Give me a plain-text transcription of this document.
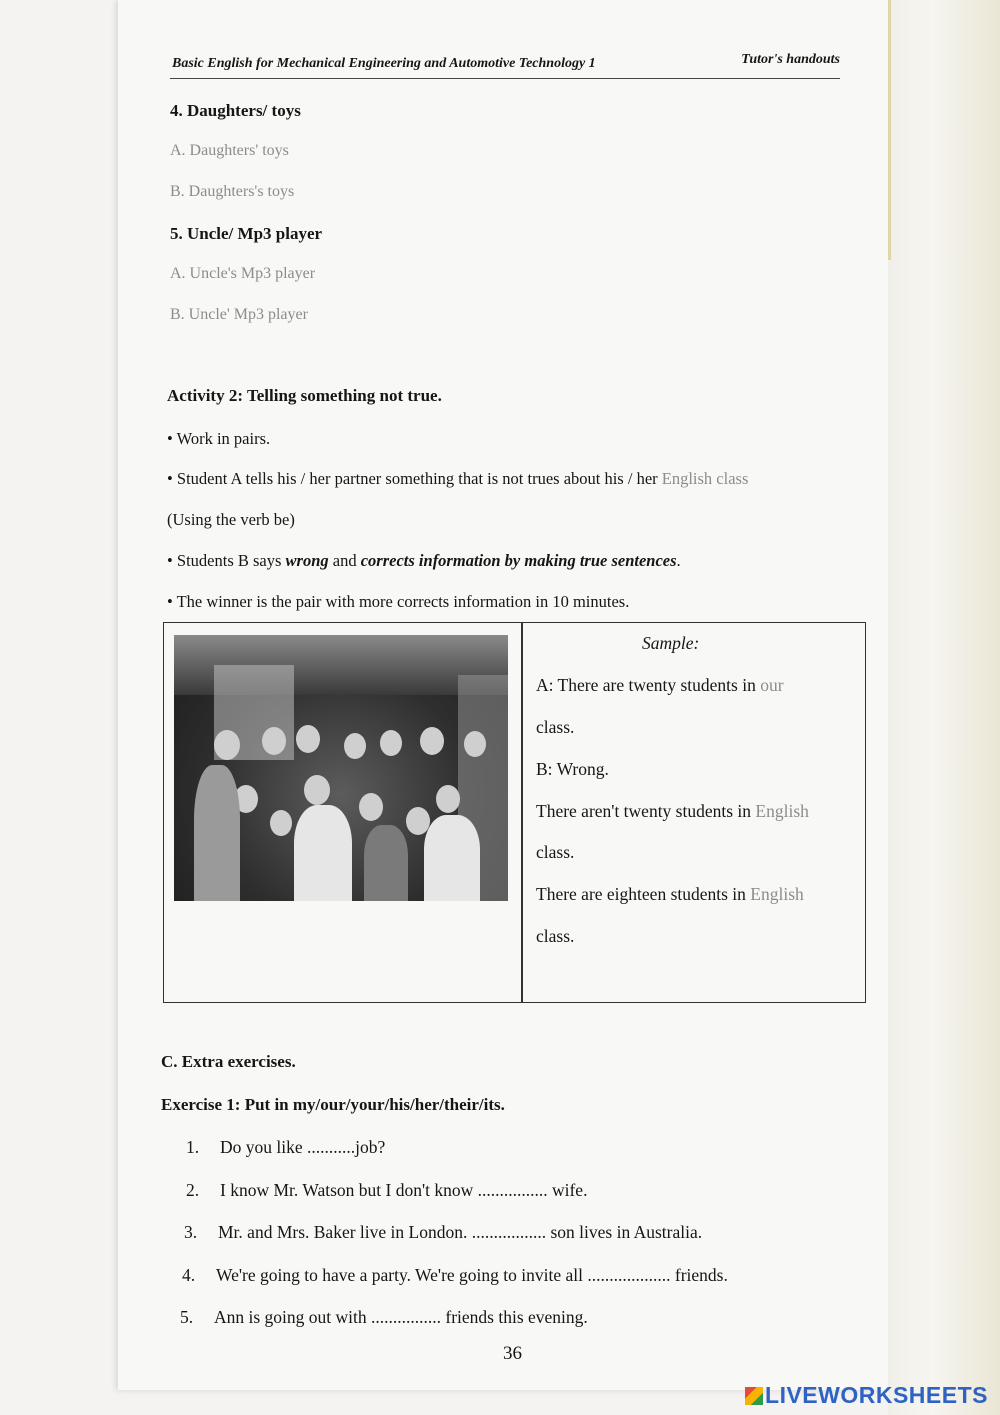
Basic English for Mechanical Engineering and Automotive Technology 1	Tutor's handouts
4. Daughters/ toys
A. Daughters' toys
B. Daughters's toys
5. Uncle/ Mp3 player
A. Uncle's Mp3 player
B. Uncle' Mp3 player
Activity 2: Telling something not true.
• Work in pairs.
• Student A tells his / her partner something that is not trues about his / her English class
(Using the verb be)
• Students B says wrong and corrects information by making true sentences.
• The winner is the pair with more corrects information in 10 minutes.
Sample:
A: There are twenty students in our
class.
B: Wrong.
There aren't twenty students in English
class.
There are eighteen students in English
class.
C. Extra exercises.
Exercise 1: Put in my/our/your/his/her/their/its.
1. Do you like ...........job?
2. I know Mr. Watson but I don't know ................ wife.
3. Mr. and Mrs. Baker live in London. ................. son lives in Australia.
4. We're going to have a party. We're going to invite all ................... friends.
5. Ann is going out with ................ friends this evening.
36
LIVEWORKSHEETS
